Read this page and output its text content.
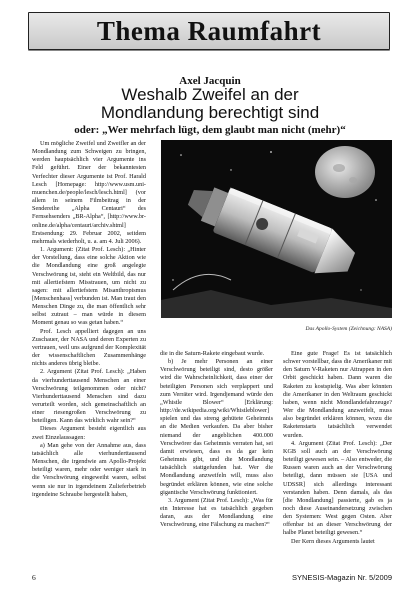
Thema Raumfahrt
Axel Jacquin
Weshalb Zweifel an der
Mondlandung berechtigt sind
oder: „Wer mehrfach lügt, dem glaubt man nicht (mehr)“

Um mögliche Zweifel und Zweifler an der Mondlandung zum Schweigen zu bringen, werden hauptsächlich vier Argumente ins Feld geführt. Einer der bekanntesten Verfechter dieser Argumente ist Prof. Harald Lesch [Homepage: http://www.usm.uni-muenchen.de/people/lesch/lesch.html] (vor allem in seinem Filmbeitrag in der Sendereihe „Alpha Centauri“ des Fernsehsenders „BR-Alpha“, [http://www.br-online.de/alpha/centauri/archiv.shtml] Erstsendung: 29. Februar 2002, seitdem mehrmals wiederholt, u. a. am 4. Juli 2006).

1. Argument: (Zitat Prof. Lesch): „Hinter der Vorstellung, dass eine solche Aktion wie die Mondlandung eine groß angelegte Verschwörung ist, steht ein Weltbild, das nur mit allertiefstem Misstrauen, um nicht zu sagen: mit allertiefstem Misanthropismus [Menschenhass] verbunden ist. Man traut den Menschen Dinge zu, die man öffentlich sehr selbst zutraut – man würde in diesem Moment genau so was getan haben.“

Prof. Lesch appelliert dagegen an uns Zuschauer, der NASA und deren Experten zu vertrauen, weil uns aufgrund der Komplexität der wissenschaftlichen Zusammenhänge nichts anderes übrig bleibe.

2. Argument (Zitat Prof. Lesch): „Haben da vierhunderttausend Menschen an einer Verschwörung teilgenommen oder nicht? Vierhunderttausend Menschen sind dazu verurteilt worden, sich gemeinschaftlich an einer riesengroßen Verschwörung zu beteiligen. Kann das wirklich wahr sein?“

Dieses Argument besteht eigentlich aus zwei Einzelaussagen:

a) Man gehe von der Annahme aus, dass tatsächlich alle vierhunderttausend Menschen, die irgendwie am Apollo-Projekt beteiligt waren, mehr oder weniger stark in die Verschwörung eingeweiht waren, selbst wenn sie nur in irgendeinem Zulieferbetrieb irgendeine Schraube hergestellt haben,

Das Apollo-System (Zeichnung: NASA)

die in die Saturn-Rakete eingebaut wurde.

b) Je mehr Personen an einer Verschwörung beteiligt sind, desto größer wird die Wahrscheinlichkeit, dass einer der beteiligten Personen sich verplappert und zum Verräter wird. Irgendjemand würde den „Whistle Blower“ [Erklärung: http://de.wikipedia.org/wiki/Whistleblower] spielen und das streng gehütete Geheimnis an die Medien verkaufen. Da aber bisher niemand der angeblichen 400.000 Verschwörer das Geheimnis verraten hat, sei damit erwiesen, dass es da gar kein Geheimnis gibt, und die Mondlandung tatsächlich stattgefunden hat. Wer die Mondlandung anzweifeln will, muss also begründet erklären können, wie eine solche gigantische Verschwörung funktioniert.

3. Argument (Zitat Prof. Lesch): „Was für ein Interesse hat es tatsächlich gegeben daran, aus der Mondlandung eine Verschwörung, eine Fälschung zu machen?“

Eine gute Frage! Es ist tatsächlich schwer vorstellbar, dass die Amerikaner mit den Saturn V-Raketen nur Attrappen in den Orbit geschickt haben. Dann waren die Raketen zu kostspielig. Was aber könnten die Amerikaner in den Weltraum geschickt haben, wenn nicht Mondlandefahrzeuge? Wer die Mondlandung anzweifelt, muss also begründet erklären können, wozu die Raketenstarts tatsächlich verwendet wurden.

4. Argument (Zitat Prof. Lesch): „Der KGB soll auch an der Verschwörung beteiligt gewesen sein. – Also entweder, die Russen waren auch an der Verschwörung beteiligt, dann müssen sie [USA und UDSSR] sich allerdings interessant verstanden haben. Denn damals, als das [die Mondlandung] passierte, gab es ja noch diese Auseinandersetzung zwischen den Systemen: West gegen Osten. Aber offenbar ist an dieser Verschwörung der halbe Planet beteiligt gewesen.“

Der Kern dieses Arguments lautet

6	SYNESIS-Magazin Nr. 5/2009
